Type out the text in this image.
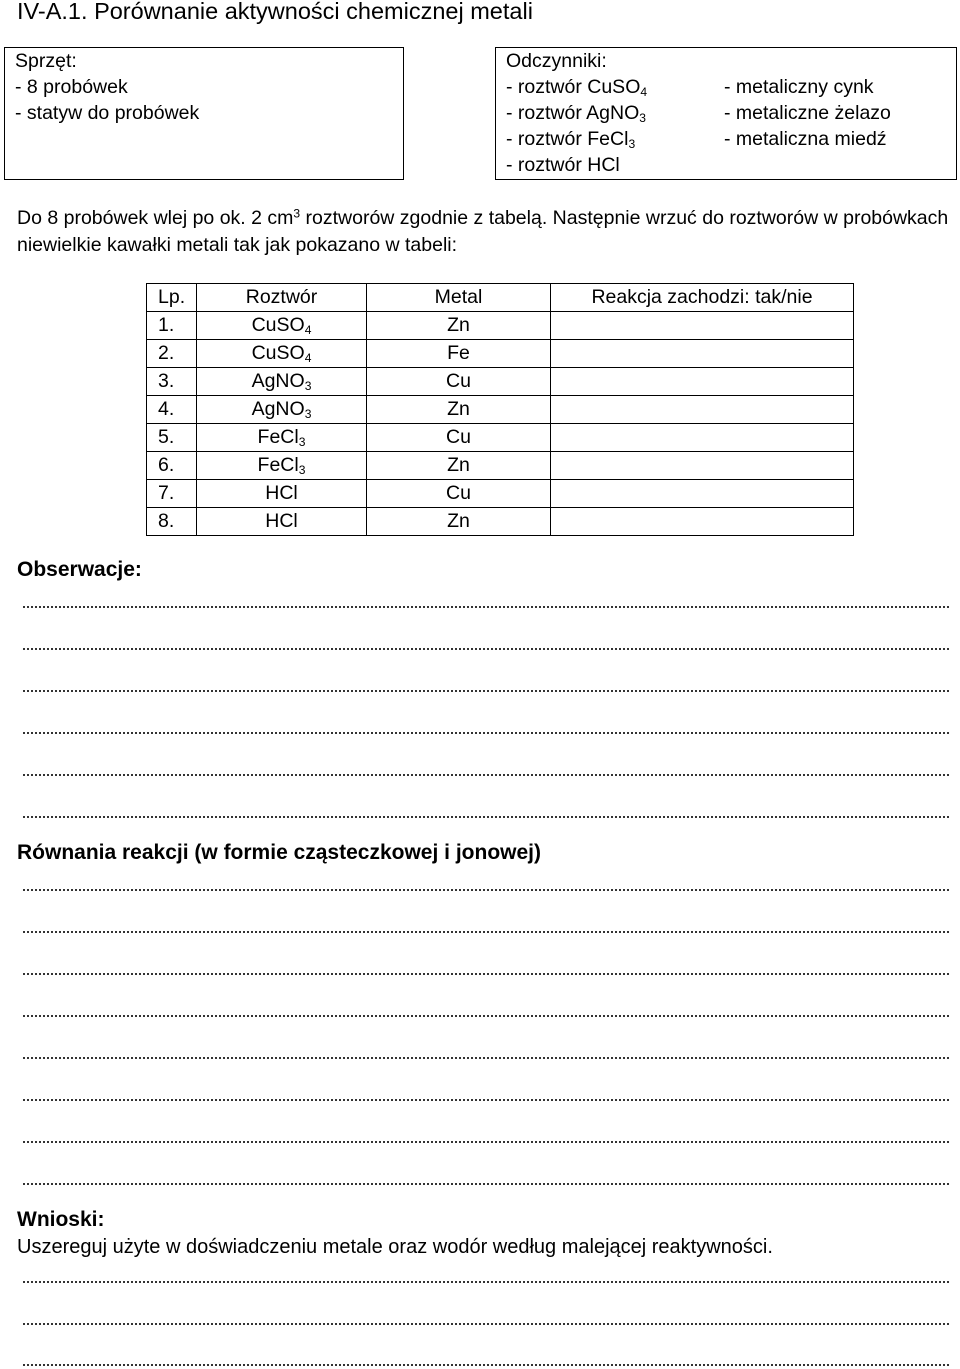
IV-A.1. Porównanie aktywności chemicznej metali
Sprzęt:
- 8 probówek
- statyw do probówek
Odczynniki:
- roztwór CuSO$_4$
- roztwór AgNO$_3$
- roztwór FeCl$_3$
- roztwór HCl
- metaliczny cynk
- metaliczne żelazo
- metaliczna miedź
Do 8 probówek wlej po ok. 2 $cm^3$ roztworów zgodnie z tabelą. Następnie wrzuć do roztworów w probówkach niewielkie kawałki metali tak jak pokazano w tabeli:
Lp.	Roztwór	Metal	Reakcja zachodzi: tak/nie
1.	CuSO$_4$	Zn	
2.	CuSO$_4$	Fe	
3.	AgNO$_3$	Cu	
4.	AgNO$_3$	Zn	
5.	FeCl$_3$	Cu	
6.	FeCl$_3$	Zn	
7.	HCl	Cu	
8.	HCl	Zn	
Obserwacje:
Równania reakcji (w formie cząsteczkowej i jonowej)
Wnioski:
Uszereguj użyte w doświadczeniu metale oraz wodór według malejącej reaktywności.
